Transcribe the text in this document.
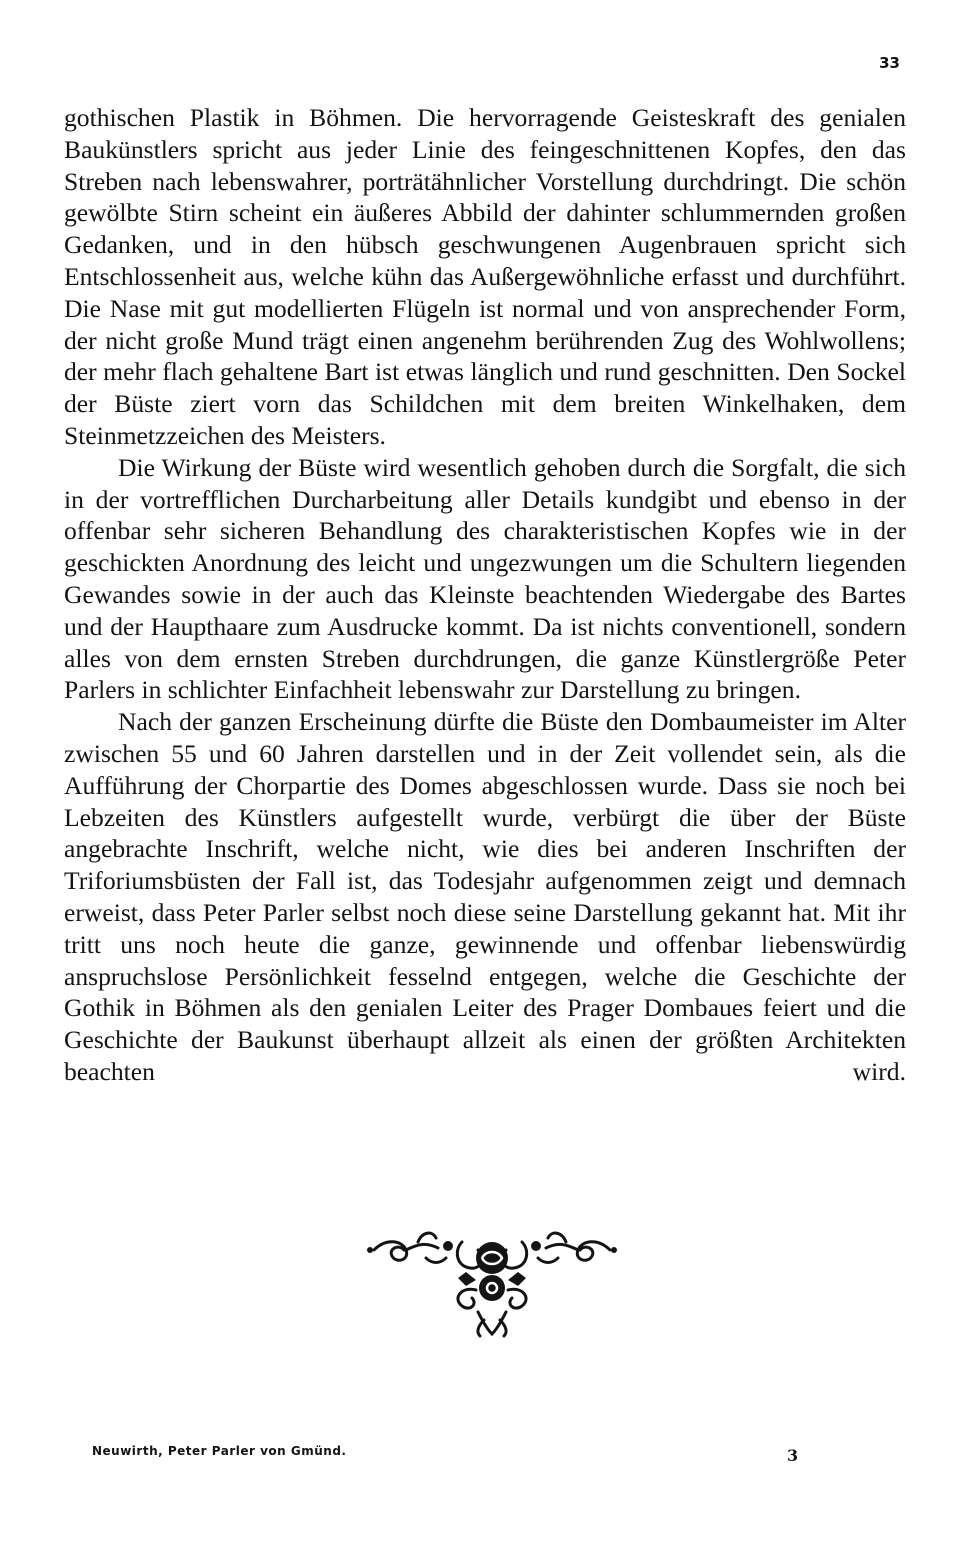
33

gothischen Plastik in Böhmen. Die hervorragende Geisteskraft des genialen Baukünstlers spricht aus jeder Linie des feingeschnittenen Kopfes, den das Streben nach lebenswahrer, porträtähnlicher Vorstellung durchdringt. Die schön gewölbte Stirn scheint ein äußeres Abbild der dahinter schlummernden großen Gedanken, und in den hübsch geschwungenen Augenbrauen spricht sich Entschlossenheit aus, welche kühn das Außergewöhnliche erfasst und durchführt. Die Nase mit gut modellierten Flügeln ist normal und von ansprechender Form, der nicht große Mund trägt einen angenehm berührenden Zug des Wohlwollens; der mehr flach gehaltene Bart ist etwas länglich und rund geschnitten. Den Sockel der Büste ziert vorn das Schildchen mit dem breiten Winkelhaken, dem Steinmetzzeichen des Meisters.

Die Wirkung der Büste wird wesentlich gehoben durch die Sorgfalt, die sich in der vortrefflichen Durcharbeitung aller Details kundgibt und ebenso in der offenbar sehr sicheren Behandlung des charakteristischen Kopfes wie in der geschickten Anordnung des leicht und ungezwungen um die Schultern liegenden Gewandes sowie in der auch das Kleinste beachtenden Wiedergabe des Bartes und der Haupthaare zum Ausdrucke kommt. Da ist nichts conventionell, sondern alles von dem ernsten Streben durchdrungen, die ganze Künstlergröße Peter Parlers in schlichter Einfachheit lebenswahr zur Darstellung zu bringen.

Nach der ganzen Erscheinung dürfte die Büste den Dombaumeister im Alter zwischen 55 und 60 Jahren darstellen und in der Zeit vollendet sein, als die Aufführung der Chorpartie des Domes abgeschlossen wurde. Dass sie noch bei Lebzeiten des Künstlers aufgestellt wurde, verbürgt die über der Büste angebrachte Inschrift, welche nicht, wie dies bei anderen Inschriften der Triforiumsbüsten der Fall ist, das Todesjahr aufgenommen zeigt und demnach erweist, dass Peter Parler selbst noch diese seine Darstellung gekannt hat. Mit ihr tritt uns noch heute die ganze, gewinnende und offenbar liebenswürdig anspruchslose Persönlichkeit fesselnd entgegen, welche die Geschichte der Gothik in Böhmen als den genialen Leiter des Prager Dombaues feiert und die Geschichte der Baukunst überhaupt allzeit als einen der größten Architekten beachten wird.

Neuwirth, Peter Parler von Gmünd.	3
